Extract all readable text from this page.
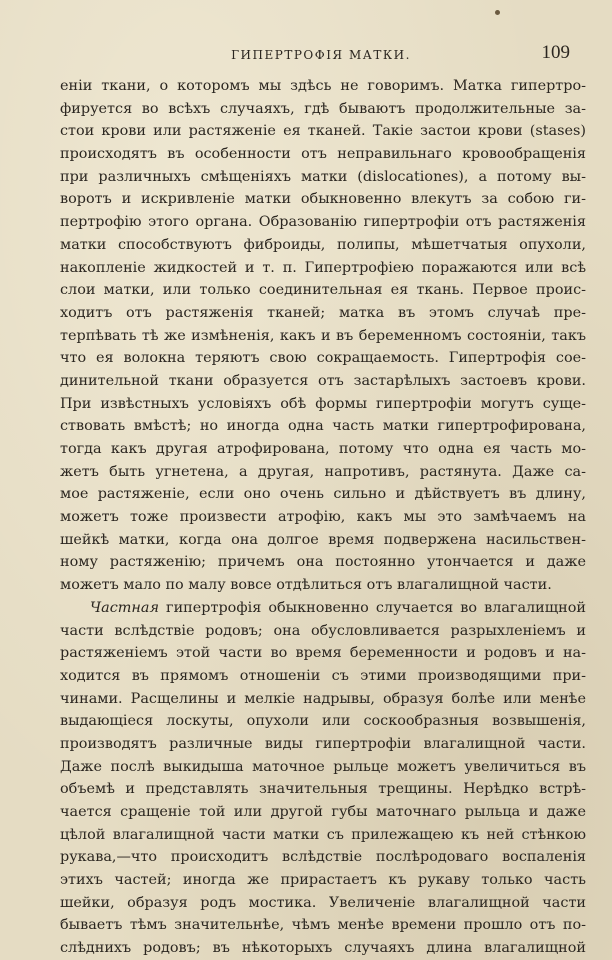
ГИПЕРТРОФIЯ МАТКИ.	109
енiи ткани, о которомъ мы здѣсь не говоримъ. Матка гипертро-
фируется во всѣхъ случаяхъ, гдѣ бываютъ продолжительные за-
стои крови или растяженiе ея тканей. Такiе застои крови (stases)
происходятъ въ особенности отъ неправильнаго кровообращенiя
при различныхъ смѣщенiяхъ матки (dislocationes), а потому вы-
воротъ и искривленiе матки обыкновенно влекутъ за собою ги-
пертрофiю этого органа. Образованiю гипертрофiи отъ растяженiя
матки способствуютъ фиброиды, полипы, мѣшетчатыя опухоли,
накопленiе жидкостей и т. п. Гипертрофiею поражаются или всѣ
слои матки, или только соединительная ея ткань. Первое проис-
ходитъ отъ растяженiя тканей; матка въ этомъ случаѣ пре-
терпѣвать тѣ же измѣненiя, какъ и въ беременномъ состоянiи, такъ
что ея волокна теряютъ свою сокращаемость. Гипертрофiя сое-
динительной ткани образуется отъ застарѣлыхъ застоевъ крови.
При извѣстныхъ условiяхъ обѣ формы гипертрофiи могутъ суще-
ствовать вмѣстѣ; но иногда одна часть матки гипертрофирована,
тогда какъ другая атрофирована, потому что одна ея часть мо-
жетъ быть угнетена, а другая, напротивъ, растянута. Даже са-
мое растяженiе, если оно очень сильно и дѣйствуетъ въ длину,
можетъ тоже произвести атрофiю, какъ мы это замѣчаемъ на
шейкѣ матки, когда она долгое время подвержена насильствен-
ному растяженiю; причемъ она постоянно утончается и даже
можетъ мало по малу вовсе отдѣлиться отъ влагалищной части.
Частная гипертрофiя обыкновенно случается во влагалищной
части вслѣдствiе родовъ; она обусловливается разрыхленiемъ и
растяженiемъ этой части во время беременности и родовъ и на-
ходится въ прямомъ отношенiи съ этими производящими при-
чинами. Расщелины и мелкiе надрывы, образуя болѣе или менѣе
выдающiеся лоскуты, опухоли или соскообразныя возвышенiя,
производятъ различные виды гипертрофiи влагалищной части.
Даже послѣ выкидыша маточное рыльце можетъ увеличиться въ
объемѣ и представлять значительныя трещины. Нерѣдко встрѣ-
чается сращенiе той или другой губы маточнаго рыльца и даже
цѣлой влагалищной части матки съ прилежащею къ ней стѣнкою
рукава,—что происходитъ вслѣдствiе послѣродоваго воспаленiя
этихъ частей; иногда же прирастаетъ къ рукаву только часть
шейки, образуя родъ мостика. Увеличенiе влагалищной части
бываетъ тѣмъ значительнѣе, чѣмъ менѣе времени прошло отъ по-
слѣднихъ родовъ; въ нѣкоторыхъ случаяхъ длина влагалищной
